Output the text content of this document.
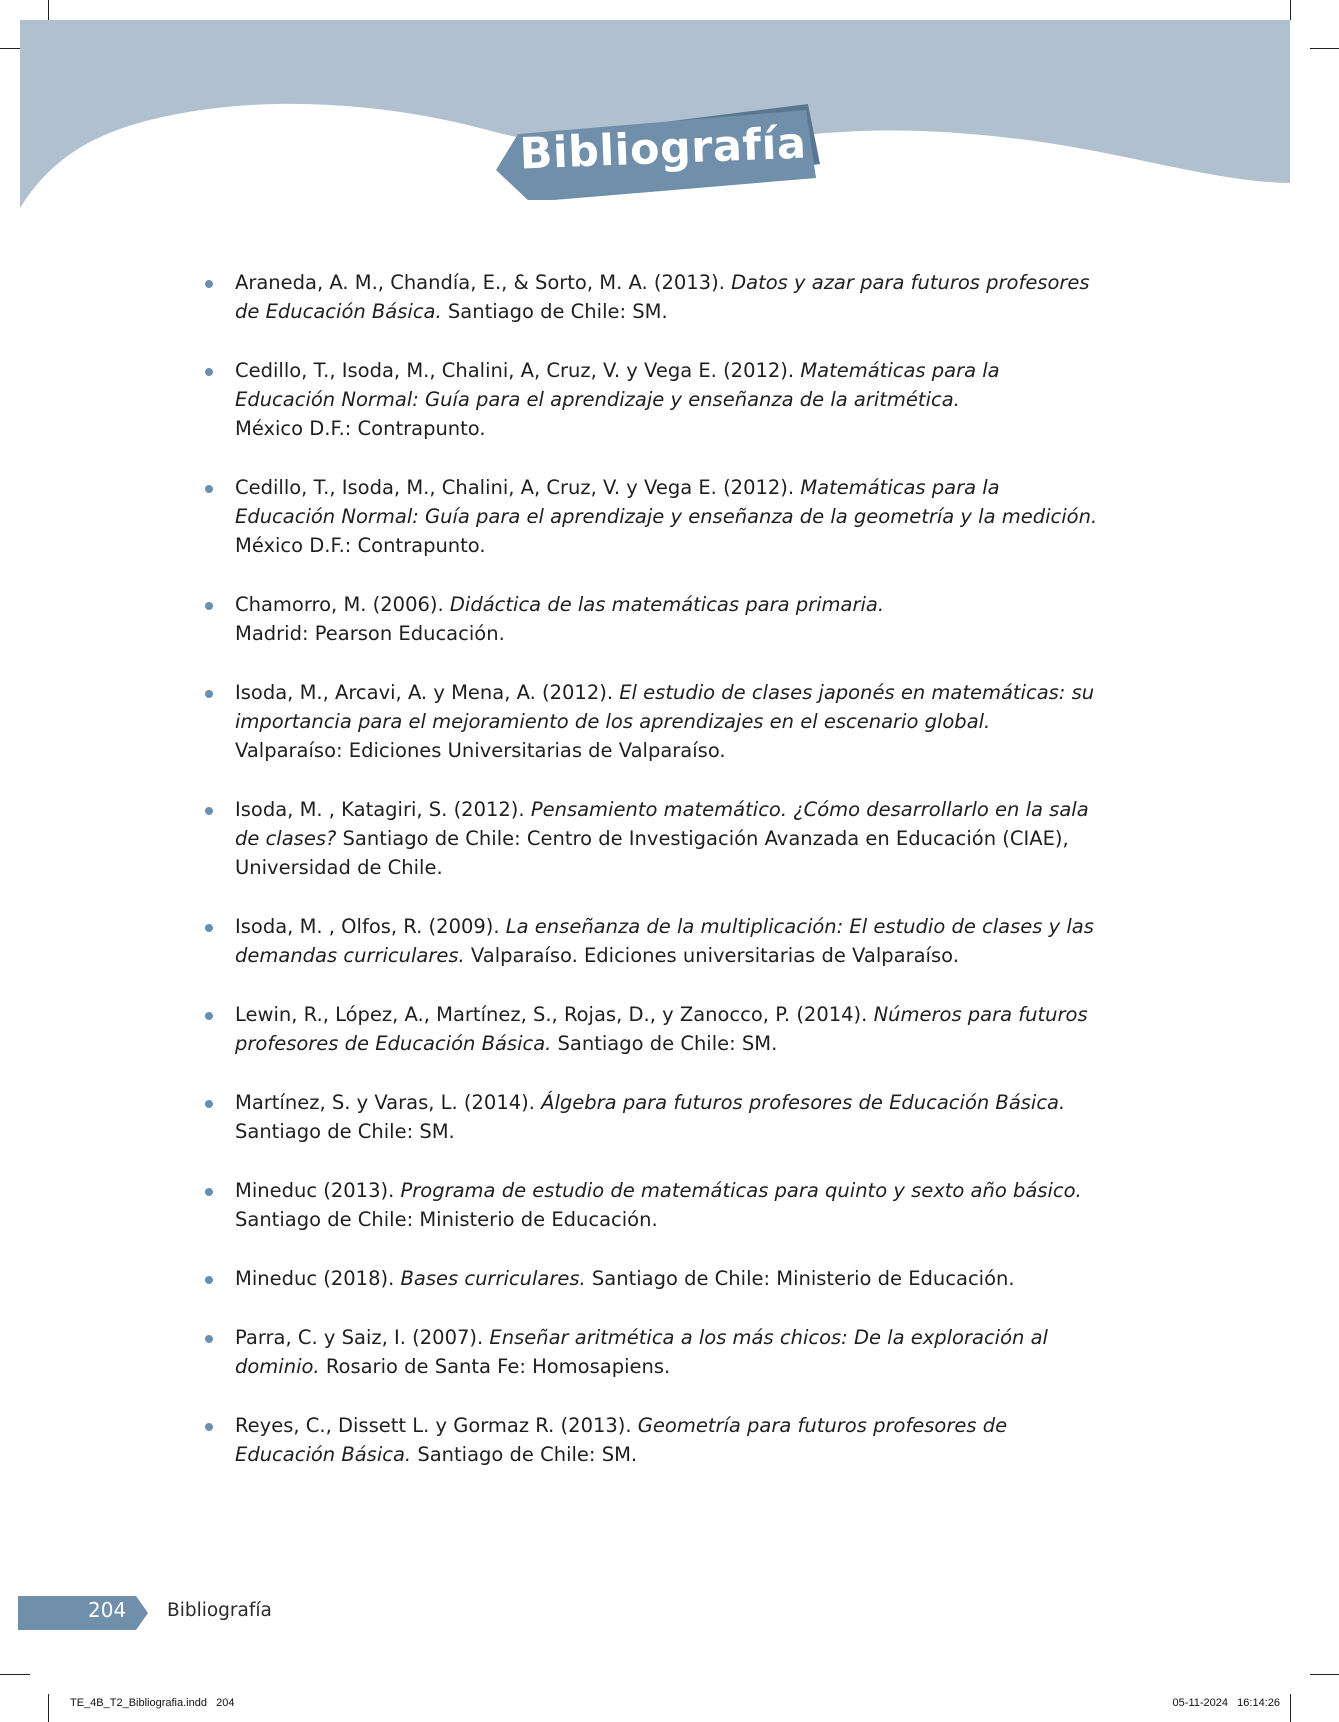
Bibliografía
Araneda, A. M., Chandía, E., & Sorto, M. A. (2013). Datos y azar para futuros profesores de Educación Básica. Santiago de Chile: SM.
Cedillo, T., Isoda, M., Chalini, A, Cruz, V. y Vega E. (2012). Matemáticas para la Educación Normal: Guía para el aprendizaje y enseñanza de la aritmética.
México D.F.: Contrapunto.
Cedillo, T., Isoda, M., Chalini, A, Cruz, V. y Vega E. (2012). Matemáticas para la Educación Normal: Guía para el aprendizaje y enseñanza de la geometría y la medición.
México D.F.: Contrapunto.
Chamorro, M. (2006). Didáctica de las matemáticas para primaria.
Madrid: Pearson Educación.
Isoda, M., Arcavi, A. y Mena, A. (2012). El estudio de clases japonés en matemáticas: su importancia para el mejoramiento de los aprendizajes en el escenario global.
Valparaíso: Ediciones Universitarias de Valparaíso.
Isoda, M. , Katagiri, S. (2012). Pensamiento matemático. ¿Cómo desarrollarlo en la sala de clases? Santiago de Chile: Centro de Investigación Avanzada en Educación (CIAE), Universidad de Chile.
Isoda, M. , Olfos, R. (2009). La enseñanza de la multiplicación: El estudio de clases y las demandas curriculares. Valparaíso. Ediciones universitarias de Valparaíso.
Lewin, R., López, A., Martínez, S., Rojas, D., y Zanocco, P. (2014). Números para futuros profesores de Educación Básica. Santiago de Chile: SM.
Martínez, S. y Varas, L. (2014). Álgebra para futuros profesores de Educación Básica.
Santiago de Chile: SM.
Mineduc (2013). Programa de estudio de matemáticas para quinto y sexto año básico.
Santiago de Chile: Ministerio de Educación.
Mineduc (2018). Bases curriculares. Santiago de Chile: Ministerio de Educación.
Parra, C. y Saiz, I. (2007). Enseñar aritmética a los más chicos: De la exploración al dominio. Rosario de Santa Fe: Homosapiens.
Reyes, C., Dissett L. y Gormaz R. (2013). Geometría para futuros profesores de Educación Básica. Santiago de Chile: SM.
204 Bibliografía
TE_4B_T2_Bibliografia.indd   204	05-11-2024   16:14:26
